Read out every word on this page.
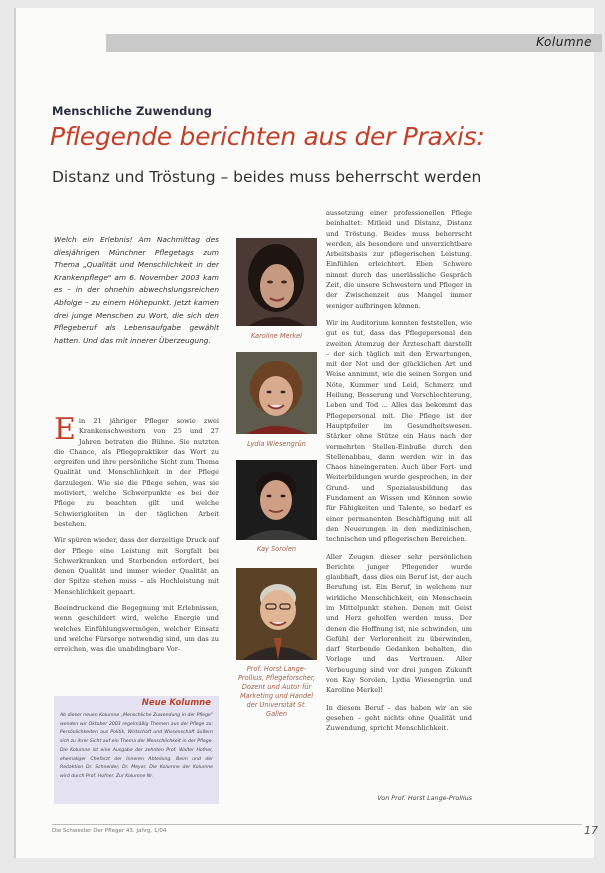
Kolumne
Menschliche Zuwendung
Pflegende berichten aus der Praxis:
Distanz und Tröstung – beides muss beherrscht werden

Welch ein Erlebnis! Am Nachmittag des diesjährigen Münchner Pflegetags zum Thema „Qualität und Menschlichkeit in der Krankenpflege" am 6. November 2003 kam es – in der ohnehin abwechslungsreichen Abfolge – zu einem Höhepunkt. Jetzt kamen drei junge Menschen zu Wort, die sich den Pflegeberuf als Lebensaufgabe gewählt hatten. Und das mit innerer Überzeugung.

Ein 21 jähriger Pfleger sowie zwei Krankenschwestern von 25 und 27 Jahren betraten die Bühne. Sie nutzten die Chance, als Pflegepraktiker das Wort zu ergreifen und ihre persönliche Sicht zum Thema Qualität und Menschlichkeit in der Pflege darzulegen. Wie sie die Pflege sehen, was sie motiviert, welche Schwerpunkte es bei der Pflege zu beachten gilt und welche Schwierigkeiten in der täglichen Arbeit bestehen.

Wir spüren wieder, dass der derzeitige Druck auf der Pflege eine Leistung mit Sorgfalt bei Schwerkranken und Sterbenden erfordert, bei denen Qualität und immer wieder Qualität an der Spitze stehen muss – als Hochleistung mit Menschlichkeit gepaart.

Beeindruckend die Begegnung mit Erlebnissen, wenn geschildert wird, welche Energie und welches Einfühlungsvermögen, welcher Einsatz und welche Fürsorge notwendig sind, um das zu erreichen, was die unabdingbare Vor-

Neue Kolumne

Ab dieser neuen Kolumne „Menschliche Zuwendung in der Pflege" wenden wir Oktober 2003 regelmäßig Themen aus der Pflege zu: Persönlichkeiten aus Politik, Wirtschaft und Wissenschaft äußern sich zu ihrer Sicht auf ein Thema der Menschlichkeit in der Pflege. Die Kolumne ist eine Ausgabe der zehnten Prof. Walter Hofner, ehemaliger Chefarzt der Inneren Abteilung. Beim und der Redaktion Dr. Schneider, Dr. Meyer. Die Kolumne der Kolumne wird durch Prof. Hofner. Zur Kolumne Nr.

Karoline Merkel
Lydia Wiesengrün
Kay Sorolen
Prof. Horst Lange-Prollius, Pflegeforscher, Dozent und Autor für Marketing und Handel der Universität St. Gallen

aussetzung einer professionellen Pflege beinhaltet: Mitleid und Distanz, Distanz und Tröstung. Beides muss beherrscht werden, als besondere und unverzichtbare Arbeitsbasis zur pflegerischen Leistung. Einfühlen erleichtert. Eben Schwere nimmt durch das unerlässliche Gespräch Zeit, die unsere Schwestern und Pfleger in der Zwischenzeit aus Mangel immer weniger aufbringen können.

Wir im Auditorium konnten feststellen, wie gut es tut, dass das Pflegepersonal den zweiten Atemzug der Ärzteschaft darstellt – der sich täglich mit den Erwartungen, mit der Not und der glücklichen Art und Weise annimmt, wie die seinen Sorgen und Nöte, Kummer und Leid, Schmerz und Heilung, Besserung und Verschlechterung, Leben und Tod ... Alles das bekommt das Pflegepersonal mit. Die Pflege ist der Hauptpfeiler im Gesundheitswesen. Stärker ohne Stütze ein Haus nach der vermehrten Stellen-Einbuße durch den Stellenabbau, dann werden wir in das Chaos hineingeraten. Auch über Fort- und Weiterbildungen wurde gesprochen, in der Grund- und Spezialausbildung das Fundament an Wissen und Können sowie für Fähigkeiten und Talente, so bedarf es einer permanenten Beschäftigung mit all den Neuerungen in den medizinischen, technischen und pflegerischen Bereichen.

Aller Zeugen dieser sehr persönlichen Berichte junger Pflegender wurde glaubhaft, dass dies ein Beruf ist, der auch Berufung ist. Ein Beruf, in welchem nur wirkliche Menschlichkeit, ein Menschsein im Mittelpunkt stehen. Denen mit Geist und Herz geholfen werden muss. Der denen die Hoffnung ist, nie schwinden, um Gefühl der Verlorenheit zu überwinden, darf Sterbende Gedanken behalten, die Vorlage und das Vertrauen. Aller Verbeugung sind vor drei jungen Zukunft von Kay Sorolen, Lydia Wiesengrün und Karoline Merkel!

In diesem Beruf – das haben wir an sie gesehen – geht nichts ohne Qualität und Zuwendung, spricht Menschlichkeit.

Von Prof. Horst Lange-Prollius
Die Schwester Der Pfleger 43. Jahrg. 1/04	17
